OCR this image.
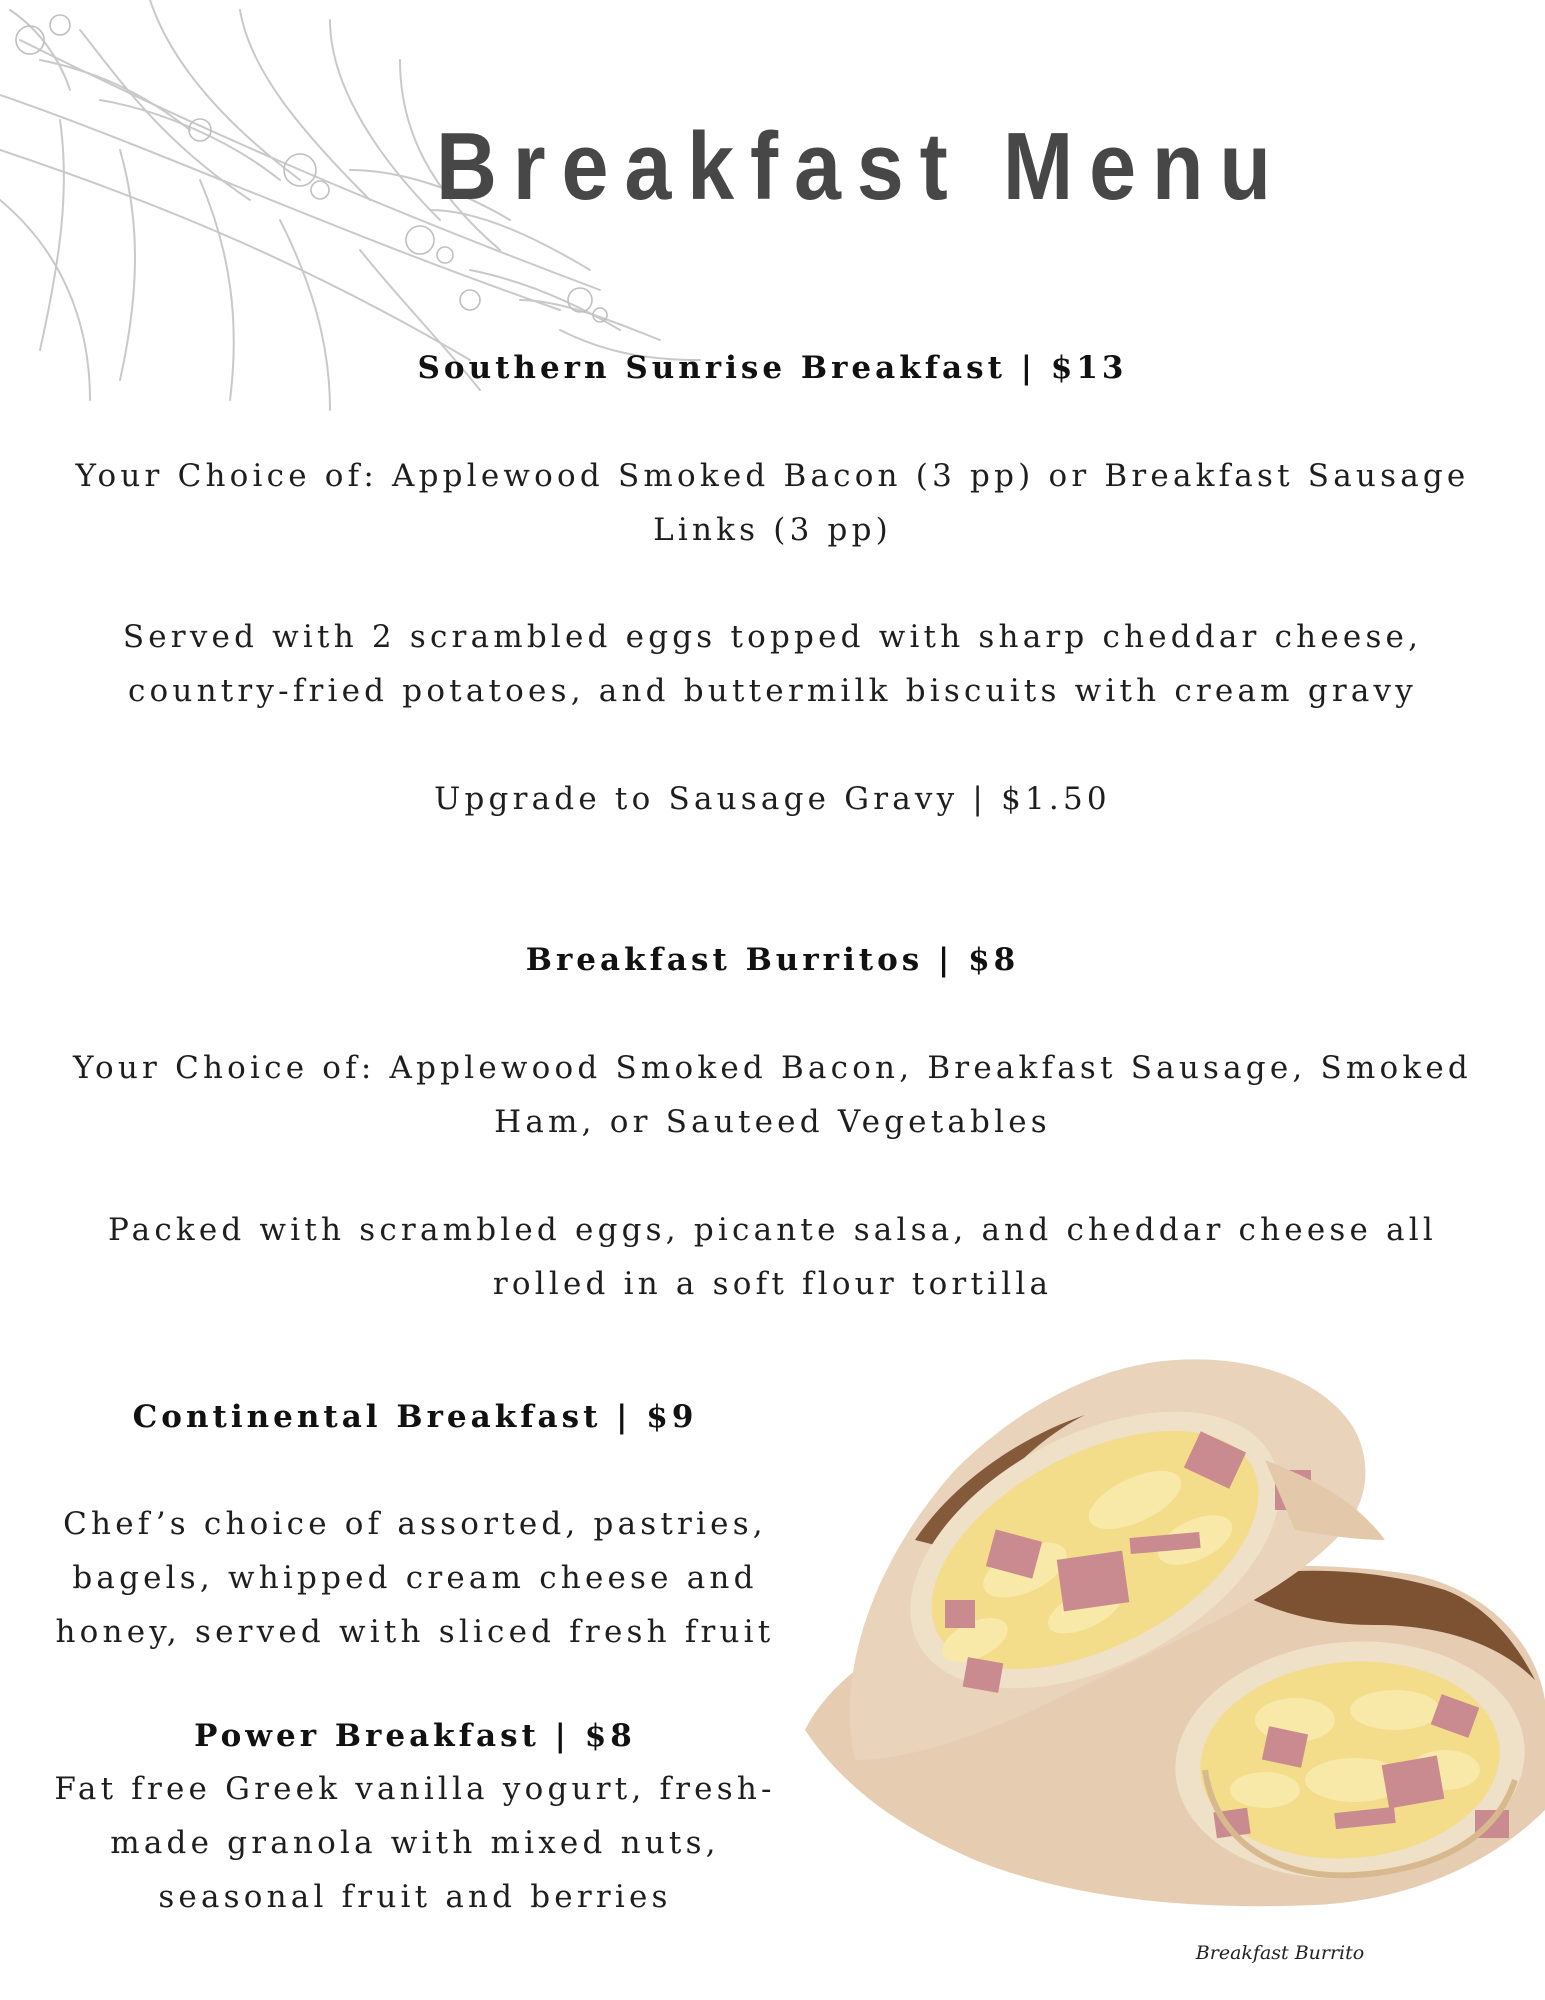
Breakfast Menu

Southern Sunrise Breakfast | $13

Your Choice of: Applewood Smoked Bacon (3 pp) or Breakfast Sausage Links (3 pp)

Served with 2 scrambled eggs topped with sharp cheddar cheese, country-fried potatoes, and buttermilk biscuits with cream gravy

Upgrade to Sausage Gravy | $1.50

Breakfast Burritos | $8

Your Choice of: Applewood Smoked Bacon, Breakfast Sausage, Smoked Ham, or Sauteed Vegetables

Packed with scrambled eggs, picante salsa, and cheddar cheese all rolled in a soft flour tortilla

Continental Breakfast | $9

Chef’s choice of assorted, pastries, bagels, whipped cream cheese and honey, served with sliced fresh fruit

Power Breakfast | $8

Fat free Greek vanilla yogurt, fresh-made granola with mixed nuts, seasonal fruit and berries

Breakfast Burrito
